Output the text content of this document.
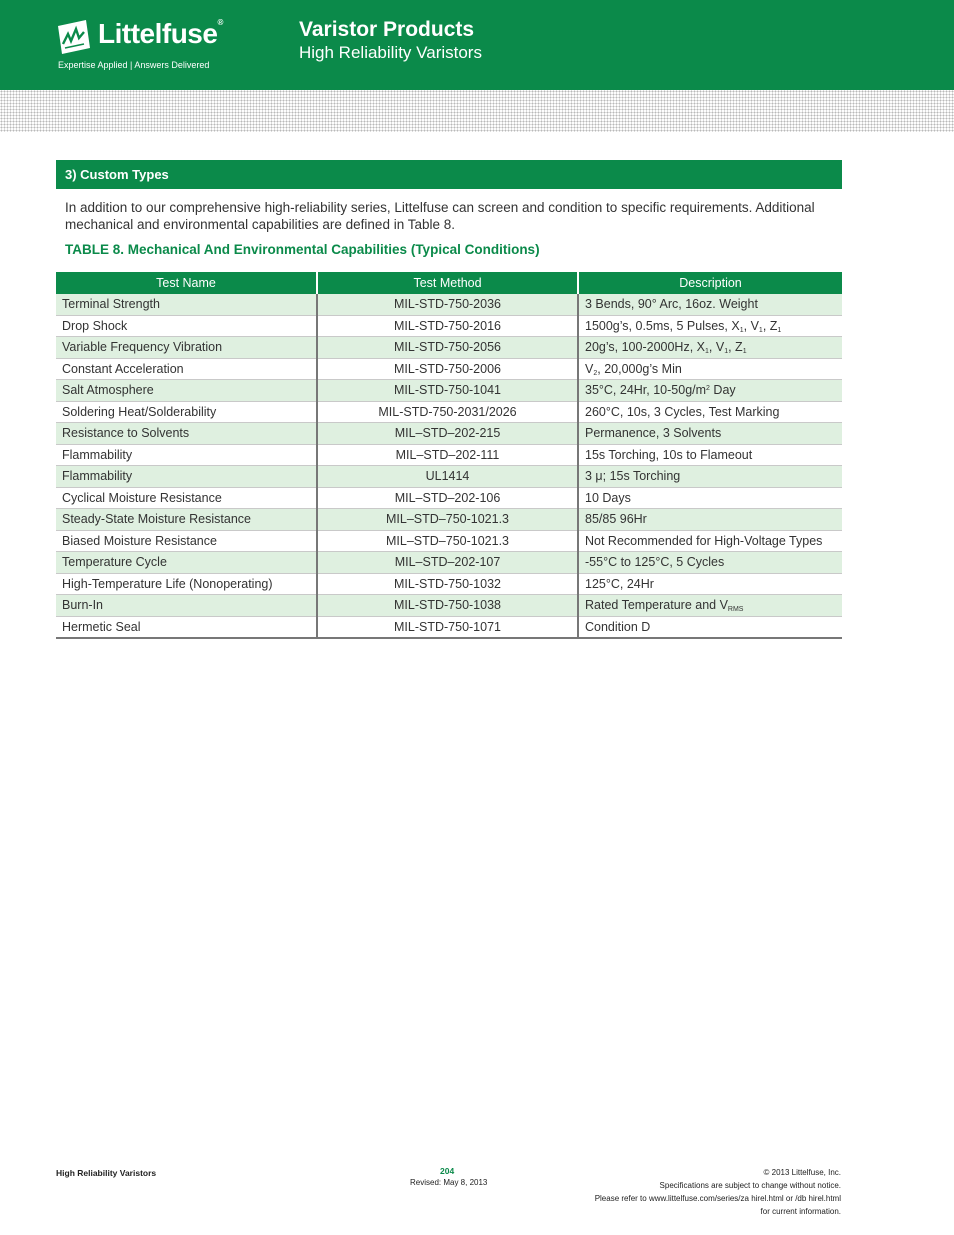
Littelfuse®
Expertise Applied | Answers Delivered
Varistor Products
High Reliability Varistors
3) Custom Types
In addition to our comprehensive high-reliability series, Littelfuse can screen and condition to specific requirements. Additional mechanical and environmental capabilities are defined in Table 8.
TABLE 8. Mechanical And Environmental Capabilities (Typical Conditions)
Test Name	Test Method	Description
Terminal Strength	MIL-STD-750-2036	3 Bends, 90° Arc, 16oz. Weight
Drop Shock	MIL-STD-750-2016	1500g’s, 0.5ms, 5 Pulses, $X_1$, $V_1$, $Z_1$
Variable Frequency Vibration	MIL-STD-750-2056	20g’s, 100-2000Hz, $X_1$, $V_1$, $Z_1$
Constant Acceleration	MIL-STD-750-2006	$V_2$, 20,000g’s Min
Salt Atmosphere	MIL-STD-750-1041	35°C, 24Hr, $10-50g/m^2$ Day
Soldering Heat/Solderability	MIL-STD-750-2031/2026	260°C, 10s, 3 Cycles, Test Marking
Resistance to Solvents	MIL–STD–202-215	Permanence, 3 Solvents
Flammability	MIL–STD–202-111	15s Torching, 10s to Flameout
Flammability	UL1414	3 μ; 15s Torching
Cyclical Moisture Resistance	MIL–STD–202-106	10 Days
Steady-State Moisture Resistance	MIL–STD–750-1021.3	85/85 96Hr
Biased Moisture Resistance	MIL–STD–750-1021.3	Not Recommended for High-Voltage Types
Temperature Cycle	MIL–STD–202-107	-55°C to 125°C, 5 Cycles
High-Temperature Life (Nonoperating)	MIL-STD-750-1032	125°C, 24Hr
Burn-In	MIL-STD-750-1038	Rated Temperature and $V_{RMS}$
Hermetic Seal	MIL-STD-750-1071	Condition D
High Reliability Varistors	204
Revised: May 8, 2013
© 2013 Littelfuse, Inc.
Specifications are subject to change without notice.
Please refer to www.littelfuse.com/series/za hirel.html or /db hirel.html
for current information.
